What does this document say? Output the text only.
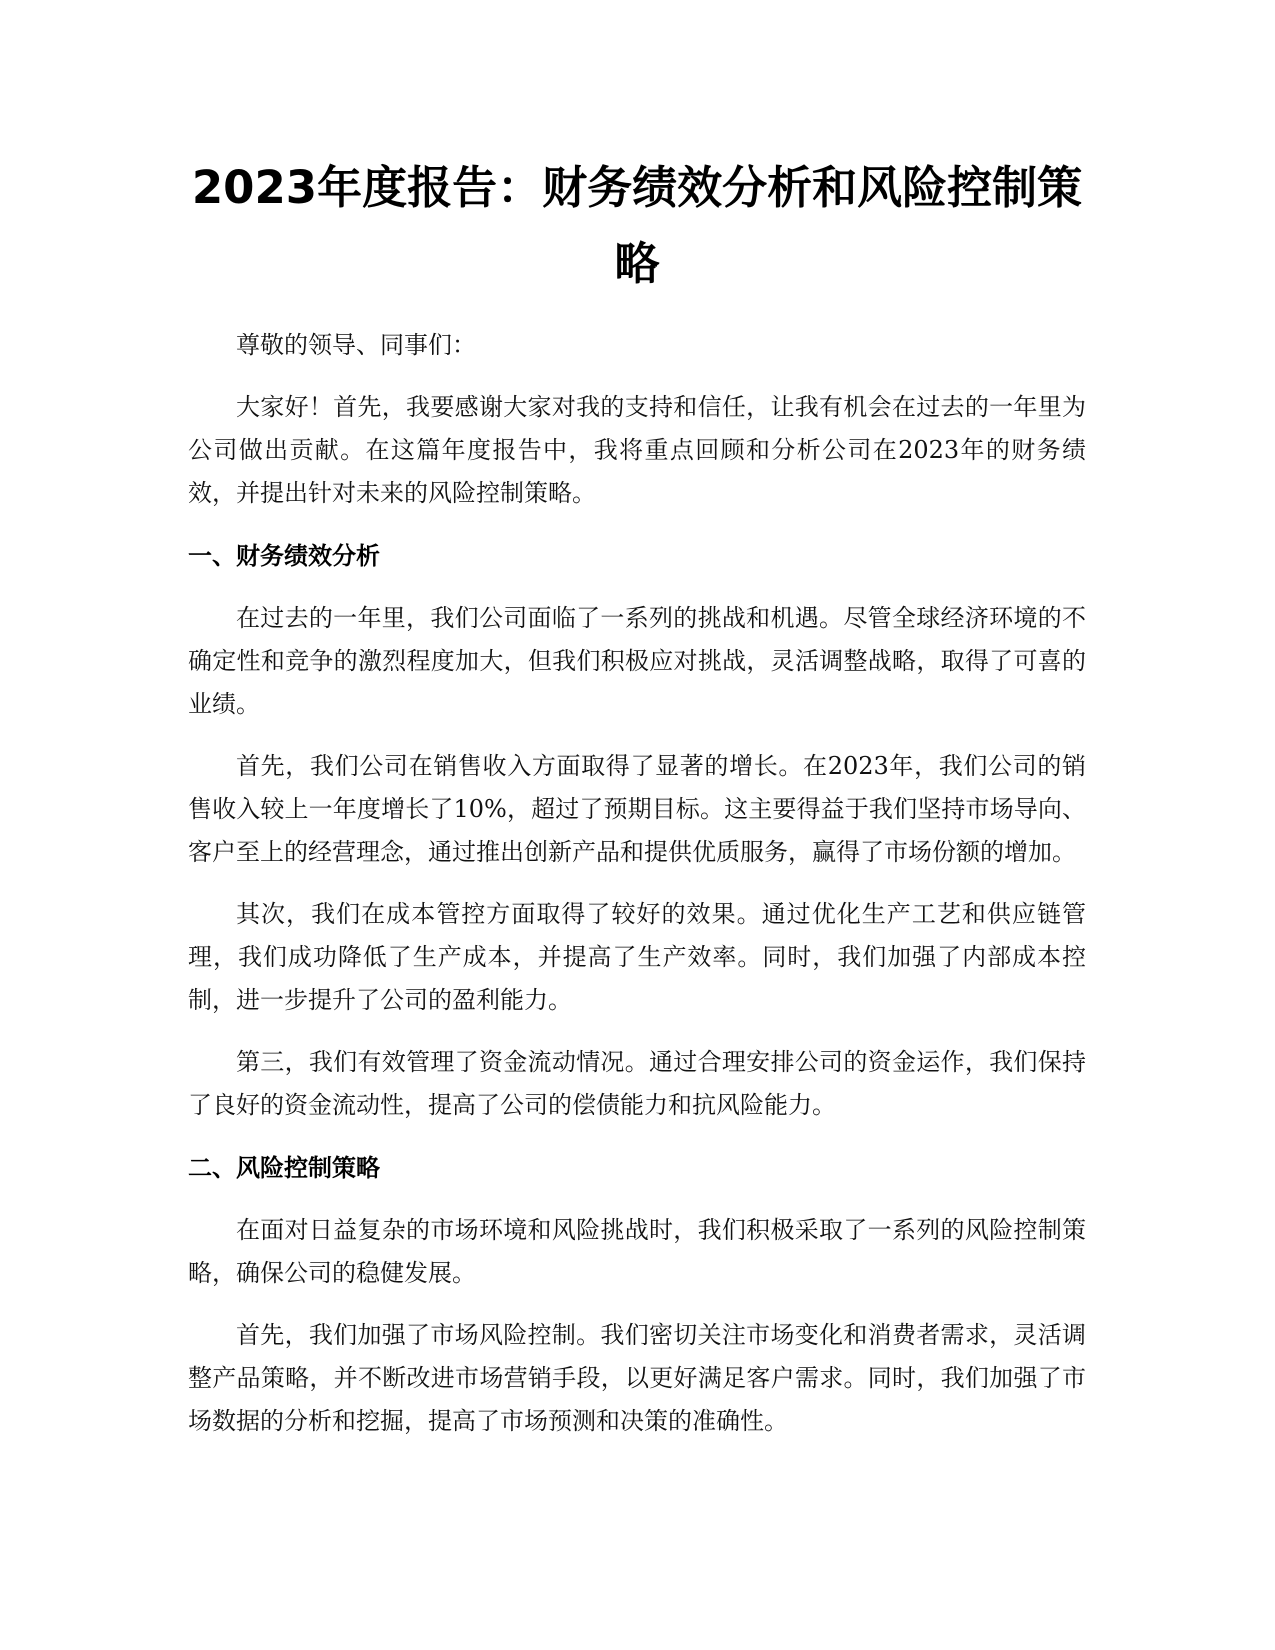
2023年度报告：财务绩效分析和风险控制策略

尊敬的领导、同事们：

大家好！首先，我要感谢大家对我的支持和信任，让我有机会在过去的一年里为公司做出贡献。在这篇年度报告中，我将重点回顾和分析公司在2023年的财务绩效，并提出针对未来的风险控制策略。

一、财务绩效分析

在过去的一年里，我们公司面临了一系列的挑战和机遇。尽管全球经济环境的不确定性和竞争的激烈程度加大，但我们积极应对挑战，灵活调整战略，取得了可喜的业绩。

首先，我们公司在销售收入方面取得了显著的增长。在2023年，我们公司的销售收入较上一年度增长了10%，超过了预期目标。这主要得益于我们坚持市场导向、客户至上的经营理念，通过推出创新产品和提供优质服务，赢得了市场份额的增加。

其次，我们在成本管控方面取得了较好的效果。通过优化生产工艺和供应链管理，我们成功降低了生产成本，并提高了生产效率。同时，我们加强了内部成本控制，进一步提升了公司的盈利能力。

第三，我们有效管理了资金流动情况。通过合理安排公司的资金运作，我们保持了良好的资金流动性，提高了公司的偿债能力和抗风险能力。

二、风险控制策略

在面对日益复杂的市场环境和风险挑战时，我们积极采取了一系列的风险控制策略，确保公司的稳健发展。

首先，我们加强了市场风险控制。我们密切关注市场变化和消费者需求，灵活调整产品策略，并不断改进市场营销手段，以更好满足客户需求。同时，我们加强了市场数据的分析和挖掘，提高了市场预测和决策的准确性。
